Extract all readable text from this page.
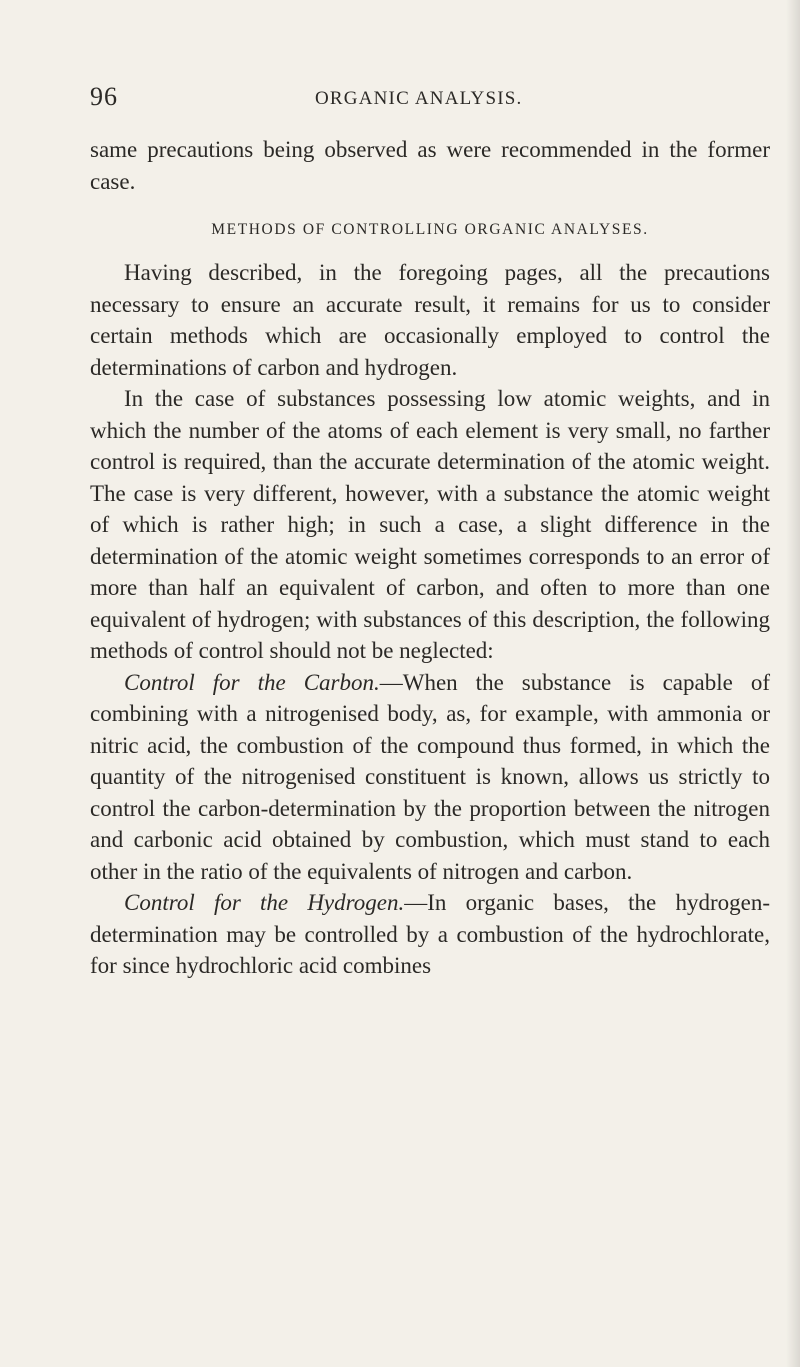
96	ORGANIC ANALYSIS.

same precautions being observed as were recommended in the former case.

METHODS OF CONTROLLING ORGANIC ANALYSES.

Having described, in the foregoing pages, all the precautions necessary to ensure an accurate result, it remains for us to consider certain methods which are occasionally employed to control the determinations of carbon and hydrogen.

In the case of substances possessing low atomic weights, and in which the number of the atoms of each element is very small, no farther control is required, than the accurate determination of the atomic weight. The case is very different, however, with a substance the atomic weight of which is rather high; in such a case, a slight difference in the determination of the atomic weight sometimes corresponds to an error of more than half an equivalent of carbon, and often to more than one equivalent of hydrogen; with substances of this description, the following methods of control should not be neglected:

Control for the Carbon.—When the substance is capable of combining with a nitrogenised body, as, for example, with ammonia or nitric acid, the combustion of the compound thus formed, in which the quantity of the nitrogenised constituent is known, allows us strictly to control the carbon-determination by the proportion between the nitrogen and carbonic acid obtained by combustion, which must stand to each other in the ratio of the equivalents of nitrogen and carbon.

Control for the Hydrogen.—In organic bases, the hydrogen-determination may be controlled by a combustion of the hydrochlorate, for since hydrochloric acid combines
